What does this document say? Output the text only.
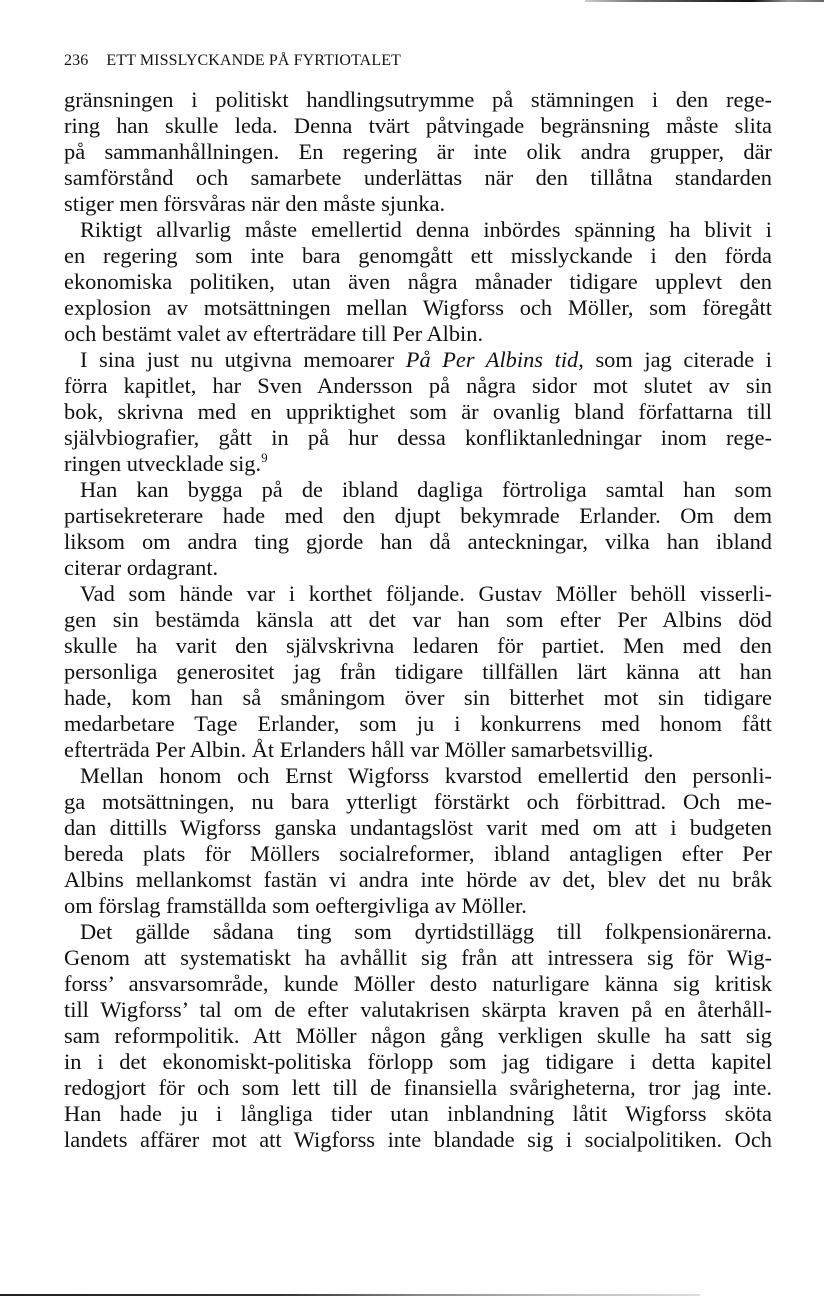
236 ETT MISSLYCKANDE PÅ FYRTIOTALET
gränsningen i politiskt handlingsutrymme på stämningen i den rege-
ring han skulle leda. Denna tvärt påtvingade begränsning måste slita
på sammanhållningen. En regering är inte olik andra grupper, där
samförstånd och samarbete underlättas när den tillåtna standarden
stiger men försvåras när den måste sjunka.
Riktigt allvarlig måste emellertid denna inbördes spänning ha blivit i
en regering som inte bara genomgått ett misslyckande i den förda
ekonomiska politiken, utan även några månader tidigare upplevt den
explosion av motsättningen mellan Wigforss och Möller, som föregått
och bestämt valet av efterträdare till Per Albin.
I sina just nu utgivna memoarer På Per Albins tid, som jag citerade i
förra kapitlet, har Sven Andersson på några sidor mot slutet av sin
bok, skrivna med en uppriktighet som är ovanlig bland författarna till
självbiografier, gått in på hur dessa konfliktanledningar inom rege-
ringen utvecklade sig.$^9$
Han kan bygga på de ibland dagliga förtroliga samtal han som
partisekreterare hade med den djupt bekymrade Erlander. Om dem
liksom om andra ting gjorde han då anteckningar, vilka han ibland
citerar ordagrant.
Vad som hände var i korthet följande. Gustav Möller behöll visserli-
gen sin bestämda känsla att det var han som efter Per Albins död
skulle ha varit den självskrivna ledaren för partiet. Men med den
personliga generositet jag från tidigare tillfällen lärt känna att han
hade, kom han så småningom över sin bitterhet mot sin tidigare
medarbetare Tage Erlander, som ju i konkurrens med honom fått
efterträda Per Albin. Åt Erlanders håll var Möller samarbetsvillig.
Mellan honom och Ernst Wigforss kvarstod emellertid den personli-
ga motsättningen, nu bara ytterligt förstärkt och förbittrad. Och me-
dan dittills Wigforss ganska undantagslöst varit med om att i budgeten
bereda plats för Möllers socialreformer, ibland antagligen efter Per
Albins mellankomst fastän vi andra inte hörde av det, blev det nu bråk
om förslag framställda som oeftergivliga av Möller.
Det gällde sådana ting som dyrtidstillägg till folkpensionärerna.
Genom att systematiskt ha avhållit sig från att intressera sig för Wig-
forss’ ansvarsområde, kunde Möller desto naturligare känna sig kritisk
till Wigforss’ tal om de efter valutakrisen skärpta kraven på en återhåll-
sam reformpolitik. Att Möller någon gång verkligen skulle ha satt sig
in i det ekonomiskt-politiska förlopp som jag tidigare i detta kapitel
redogjort för och som lett till de finansiella svårigheterna, tror jag inte.
Han hade ju i långliga tider utan inblandning låtit Wigforss sköta
landets affärer mot att Wigforss inte blandade sig i socialpolitiken. Och
